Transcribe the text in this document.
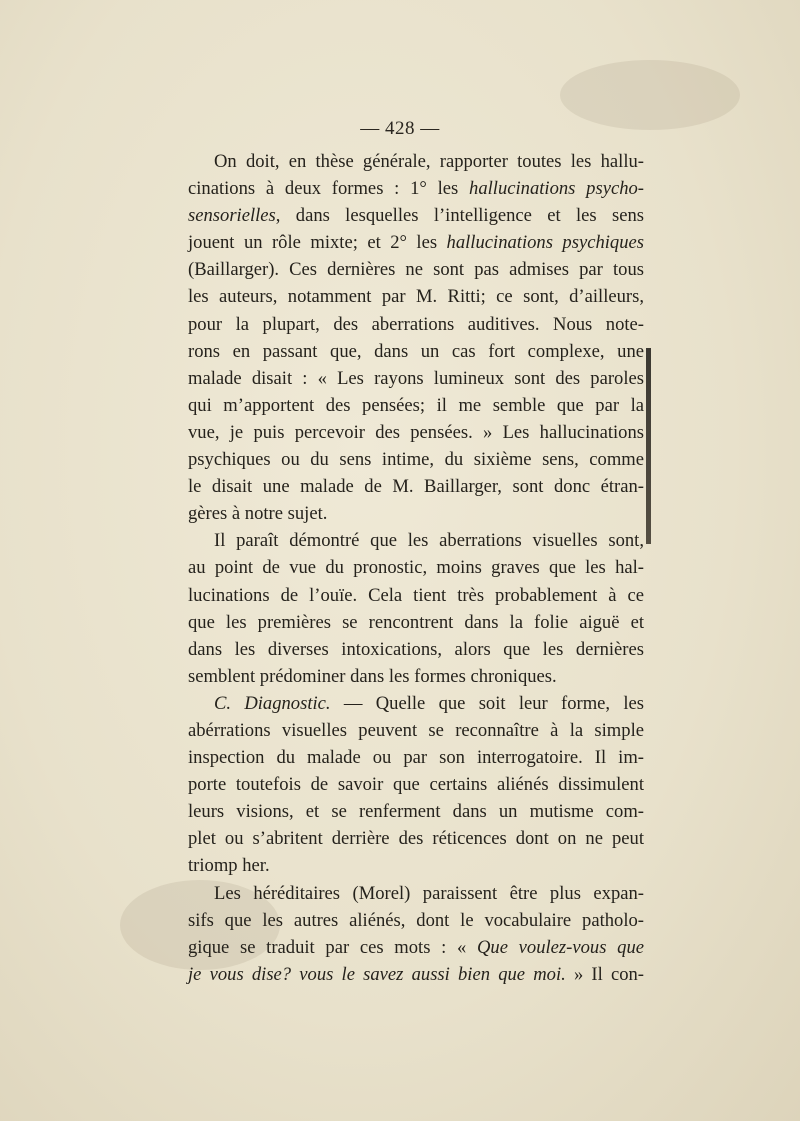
— 428 —
On doit, en thèse générale, rapporter toutes les hallu-
cinations à deux formes : 1° les hallucinations psycho-
sensorielles, dans lesquelles l’intelligence et les sens
jouent un rôle mixte; et 2° les hallucinations psychiques
(Baillarger). Ces dernières ne sont pas admises par tous
les auteurs, notamment par M. Ritti; ce sont, d’ailleurs,
pour la plupart, des aberrations auditives. Nous note-
rons en passant que, dans un cas fort complexe, une
malade disait : « Les rayons lumineux sont des paroles
qui m’apportent des pensées; il me semble que par la
vue, je puis percevoir des pensées. » Les hallucinations
psychiques ou du sens intime, du sixième sens, comme
le disait une malade de M. Baillarger, sont donc étran-
gères à notre sujet.
Il paraît démontré que les aberrations visuelles sont,
au point de vue du pronostic, moins graves que les hal-
lucinations de l’ouïe. Cela tient très probablement à ce
que les premières se rencontrent dans la folie aiguë et
dans les diverses intoxications, alors que les dernières
semblent prédominer dans les formes chroniques.
C. Diagnostic. — Quelle que soit leur forme, les
abérrations visuelles peuvent se reconnaître à la simple
inspection du malade ou par son interrogatoire. Il im-
porte toutefois de savoir que certains aliénés dissimulent
leurs visions, et se renferment dans un mutisme com-
plet ou s’abritent derrière des réticences dont on ne peut
triomp her.
Les héréditaires (Morel) paraissent être plus expan-
sifs que les autres aliénés, dont le vocabulaire patholo-
gique se traduit par ces mots : « Que voulez-vous que
je vous dise? vous le savez aussi bien que moi. » Il con-
